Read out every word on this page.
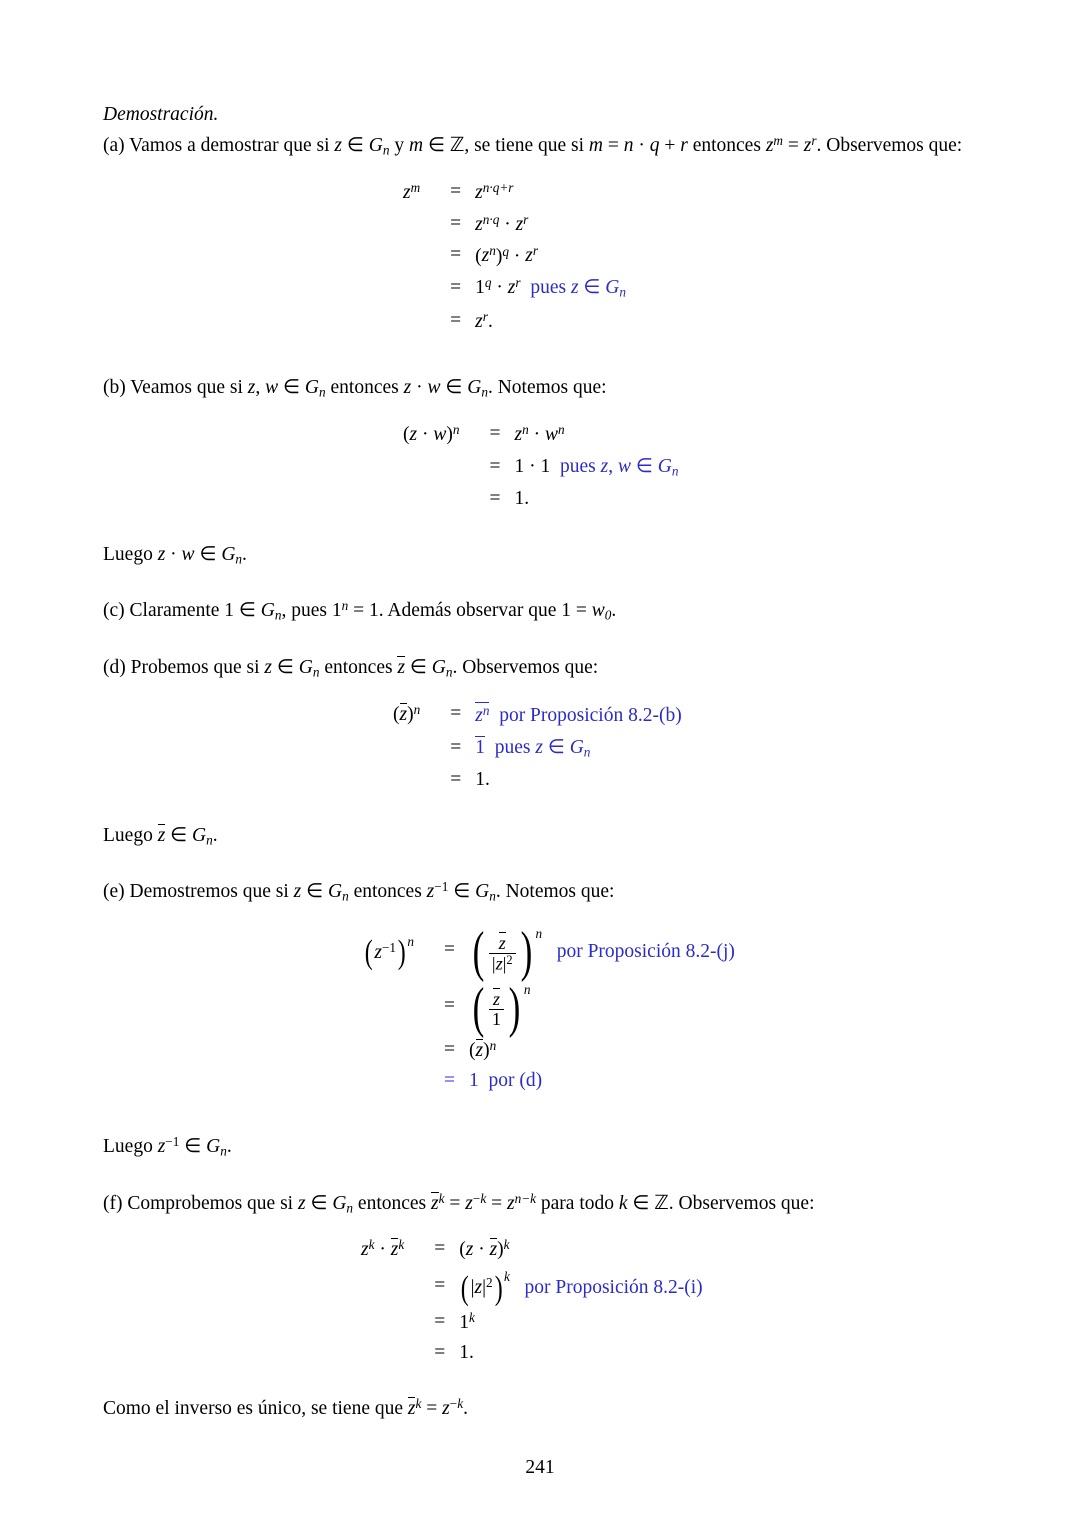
Demostración.
(a) Vamos a demostrar que si z ∈ $G_n$ y m ∈ ℤ, se tiene que si m = n · q + r entonces $z^m = z^r$. Observemos que:
$z^m$	=	$z^{n\cdot q+r}$
	=	$z^{n\cdot q} \cdot z^r$
	=	$(z^n)^q \cdot z^r$
	=	$1^q \cdot z^r$  pues z ∈ $G_n$
	=	$z^r$.
(b) Veamos que si z, w ∈ $G_n$ entonces z · w ∈ $G_n$. Notemos que:
$(z \cdot w)^n$	=	$z^n \cdot w^n$
	=	1 · 1  pues z, w ∈ $G_n$
	=	1.
Luego z · w ∈ $G_n$.
(c) Claramente 1 ∈ $G_n$, pues $1^n = 1$. Además observar que $1 = w_0$.
(d) Probemos que si z ∈ $G_n$ entonces z ∈ $G_n$. Observemos que:
$(z)^n$	=	$z^n$  por Proposición 8.2-(b)
	=	1  pues z ∈ $G_n$
	=	1.
Luego z ∈ $G_n$.
(e) Demostremos que si z ∈ $G_n$ entonces $z^{-1}$ ∈ $G_n$. Notemos que:
$(z^{-1})$ $^n$	=	( $\frac{z}{|z|^2}$ ) $^n$   por Proposición 8.2-(j)
	=	( $\frac{z}{1}$ ) $^n$
	=	$(z)^n$
	=	1  por (d)
Luego $z^{-1}$ ∈ $G_n$.
(f) Comprobemos que si z ∈ $G_n$ entonces $z^k = z^{-k} = z^{n-k}$ para todo k ∈ ℤ. Observemos que:
$z^k \cdot z^k$	=	$(z \cdot z)^k$
	=	$(|z|^2)$ $^k$   por Proposición 8.2-(i)
	=	$1^k$
	=	1.
Como el inverso es único, se tiene que $z^k = z^{-k}$.
241
